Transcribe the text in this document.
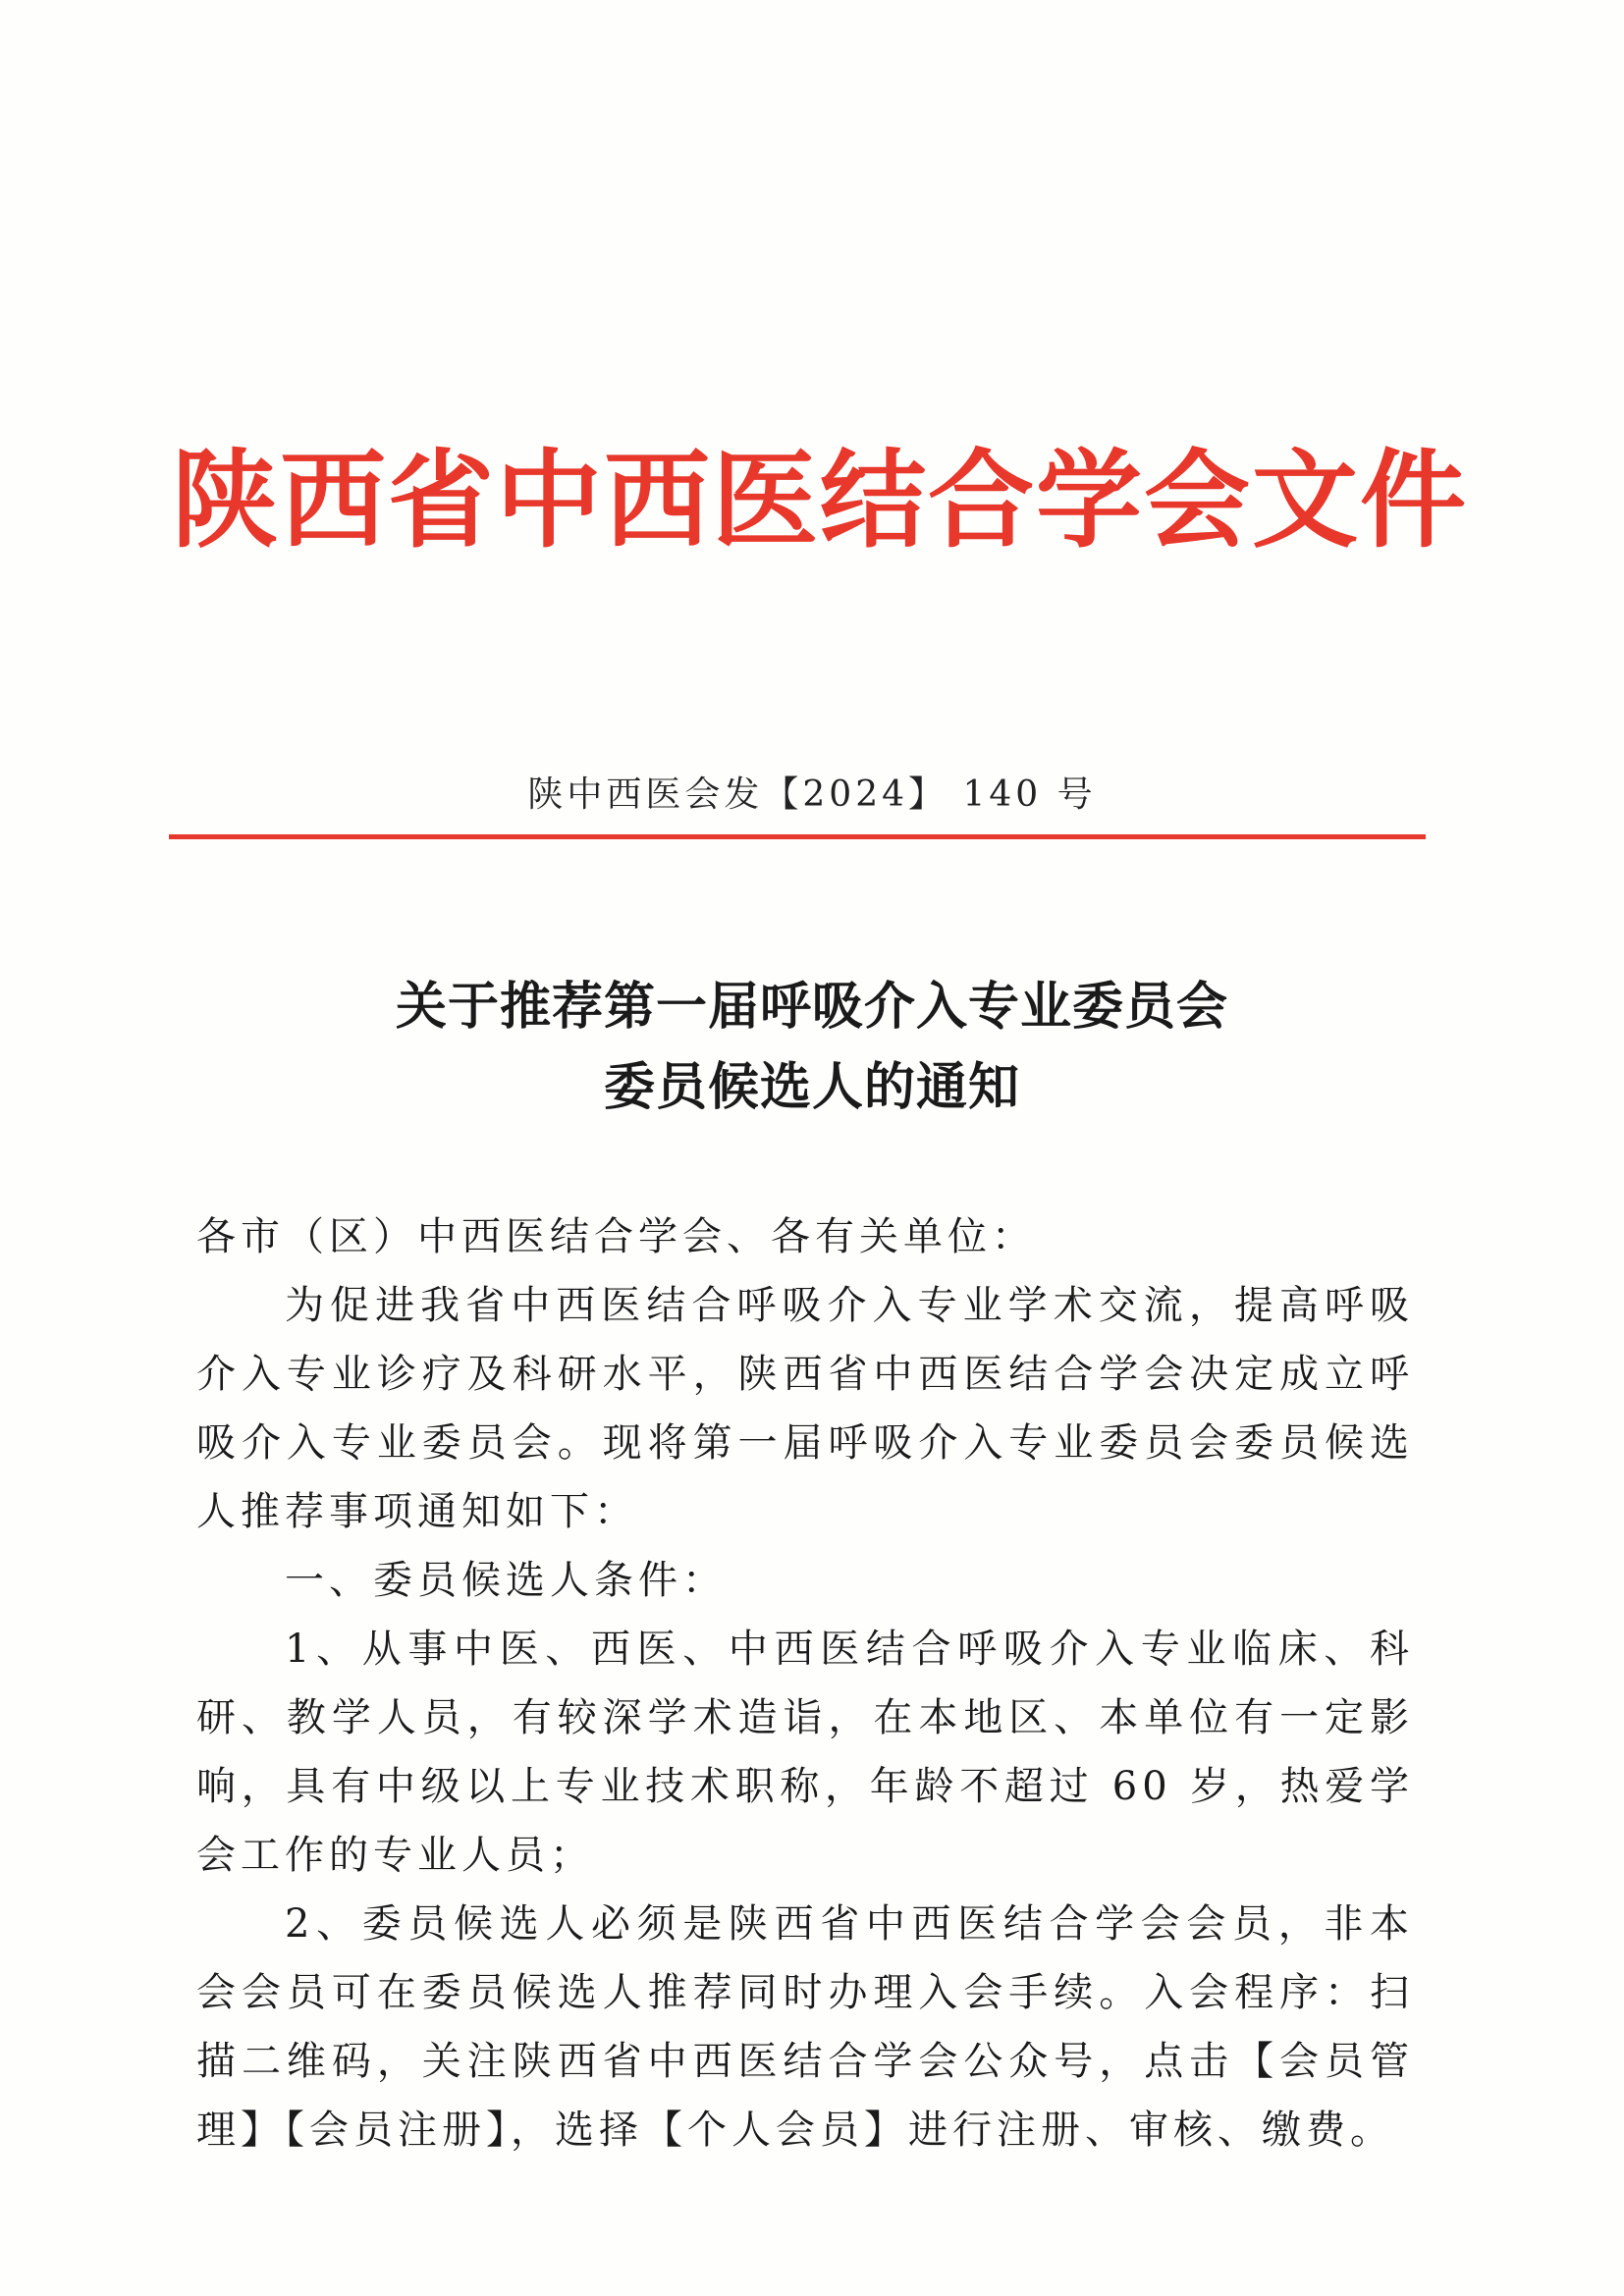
陕西省中西医结合学会文件
陕中西医会发【2024】 140 号
关于推荐第一届呼吸介入专业委员会
委员候选人的通知

各市（区）中西医结合学会、各有关单位：

为促进我省中西医结合呼吸介入专业学术交流，提高呼吸介入专业诊疗及科研水平，陕西省中西医结合学会决定成立呼吸介入专业委员会。现将第一届呼吸介入专业委员会委员候选人推荐事项通知如下：

一、委员候选人条件：

1、从事中医、西医、中西医结合呼吸介入专业临床、科研、教学人员，有较深学术造诣，在本地区、本单位有一定影响，具有中级以上专业技术职称，年龄不超过 60 岁，热爱学会工作的专业人员；

2、委员候选人必须是陕西省中西医结合学会会员，非本会会员可在委员候选人推荐同时办理入会手续。入会程序：扫描二维码，关注陕西省中西医结合学会公众号，点击【会员管理】【会员注册】，选择【个人会员】进行注册、审核、缴费。
